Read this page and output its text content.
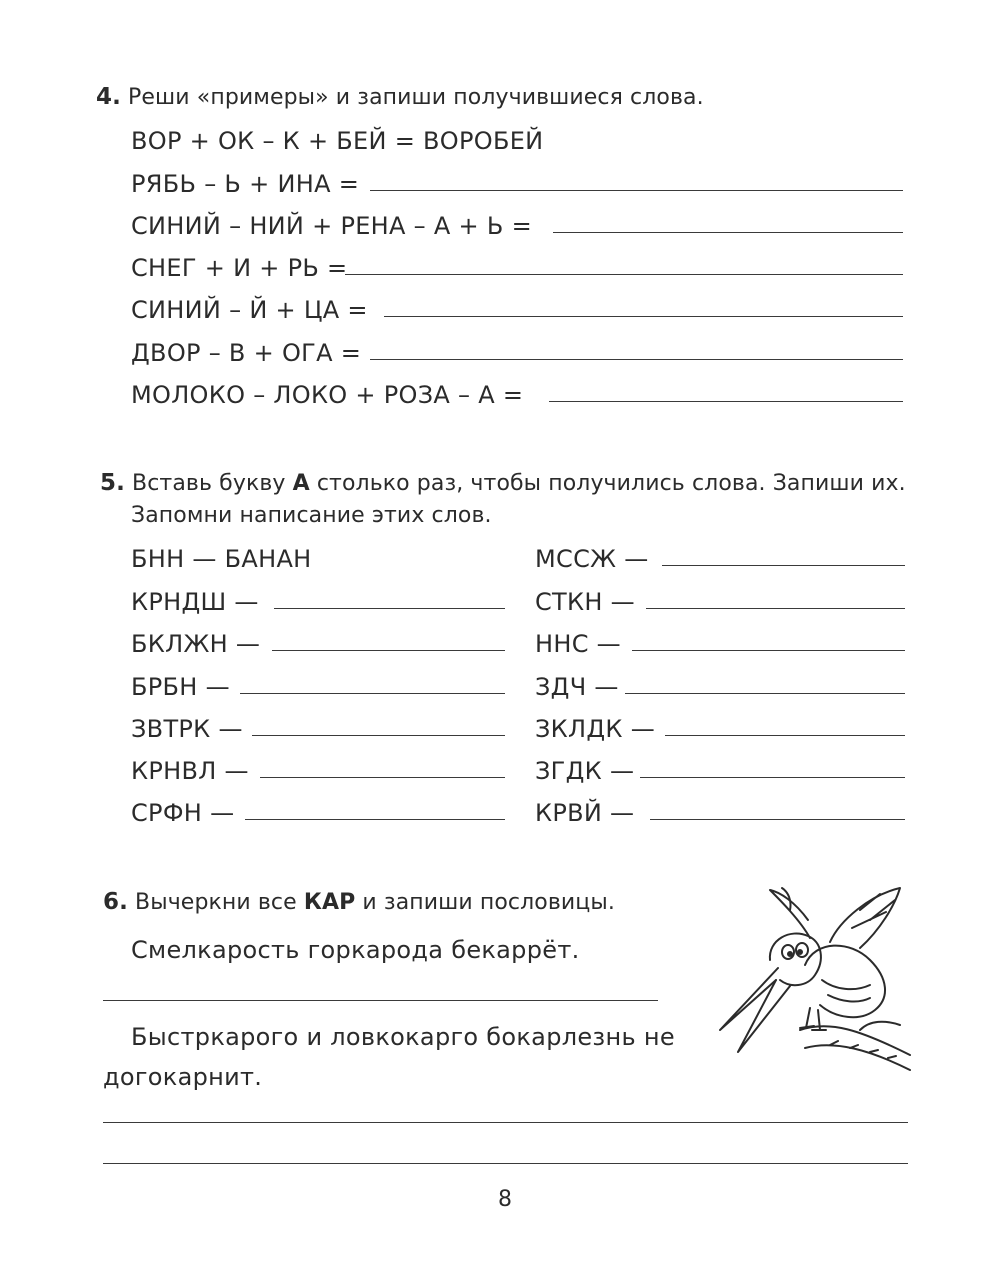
4. Реши «примеры» и запиши получившиеся слова.
ВОР + ОК – К + БЕЙ = ВОРОБЕЙ
РЯБЬ – Ь + ИНА =
СИНИЙ – НИЙ + РЕНА – А + Ь =
СНЕГ + И + РЬ =
СИНИЙ – Й + ЦА =
ДВОР – В + ОГА =
МОЛОКО – ЛОКО + РОЗА – А =
5. Вставь букву А столько раз, чтобы получились слова. Запиши их.
Запомни написание этих слов.
БНН — БАНАН
КРНДШ —
БКЛЖН —
БРБН —
ЗВТРК —
КРНВЛ —
СРФН —
МССЖ —
СТКН —
ННС —
ЗДЧ —
ЗКЛДК —
ЗГДК —
КРВЙ —
6. Вычеркни все КАР и запиши пословицы.
Смелкарость горкарода бекаррёт.
Быстркарого и ловкокарго бокарлезнь не
догокарнит.
8
